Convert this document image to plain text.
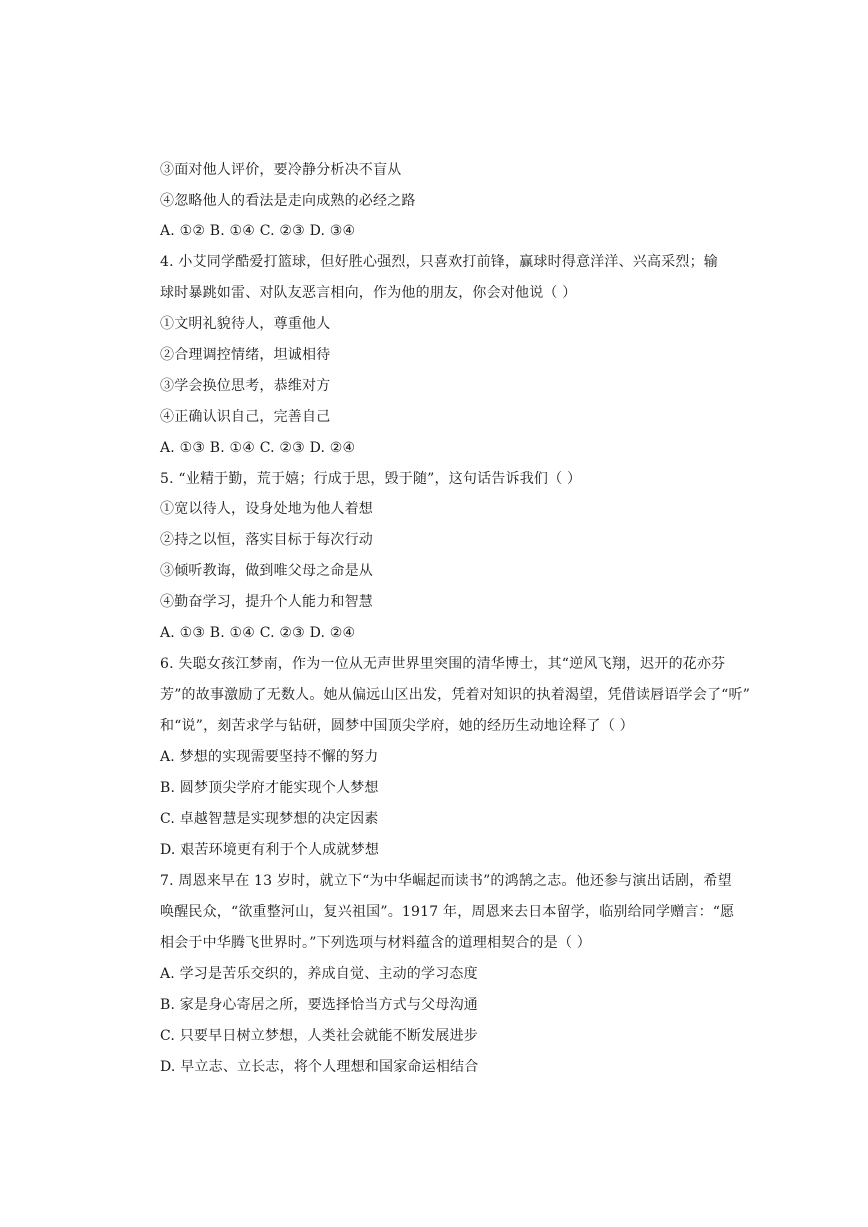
③面对他人评价，要冷静分析决不盲从
④忽略他人的看法是走向成熟的必经之路
A. ①② B. ①④ C. ②③ D. ③④
4. 小艾同学酷爱打篮球，但好胜心强烈，只喜欢打前锋，赢球时得意洋洋、兴高采烈；输
球时暴跳如雷、对队友恶言相向，作为他的朋友，你会对他说（ ）
①文明礼貌待人，尊重他人
②合理调控情绪，坦诚相待
③学会换位思考，恭维对方
④正确认识自己，完善自己
A. ①③ B. ①④ C. ②③ D. ②④
5. “业精于勤，荒于嬉；行成于思，毁于随”，这句话告诉我们（ ）
①宽以待人，设身处地为他人着想
②持之以恒，落实目标于每次行动
③倾听教诲，做到唯父母之命是从
④勤奋学习，提升个人能力和智慧
A. ①③ B. ①④ C. ②③ D. ②④
6. 失聪女孩江梦南，作为一位从无声世界里突围的清华博士，其“逆风飞翔，迟开的花亦芬
芳”的故事激励了无数人。她从偏远山区出发，凭着对知识的执着渴望，凭借读唇语学会了“听”
和“说”，刻苦求学与钻研，圆梦中国顶尖学府，她的经历生动地诠释了（ ）
A. 梦想的实现需要坚持不懈的努力
B. 圆梦顶尖学府才能实现个人梦想
C. 卓越智慧是实现梦想的决定因素
D. 艰苦环境更有利于个人成就梦想
7. 周恩来早在 13 岁时，就立下“为中华崛起而读书”的鸿鹄之志。他还参与演出话剧，希望
唤醒民众，“欲重整河山，复兴祖国”。1917 年，周恩来去日本留学，临别给同学赠言：“愿
相会于中华腾飞世界时。”下列选项与材料蕴含的道理相契合的是（ ）
A. 学习是苦乐交织的，养成自觉、主动的学习态度
B. 家是身心寄居之所，要选择恰当方式与父母沟通
C. 只要早日树立梦想，人类社会就能不断发展进步
D. 早立志、立长志，将个人理想和国家命运相结合
